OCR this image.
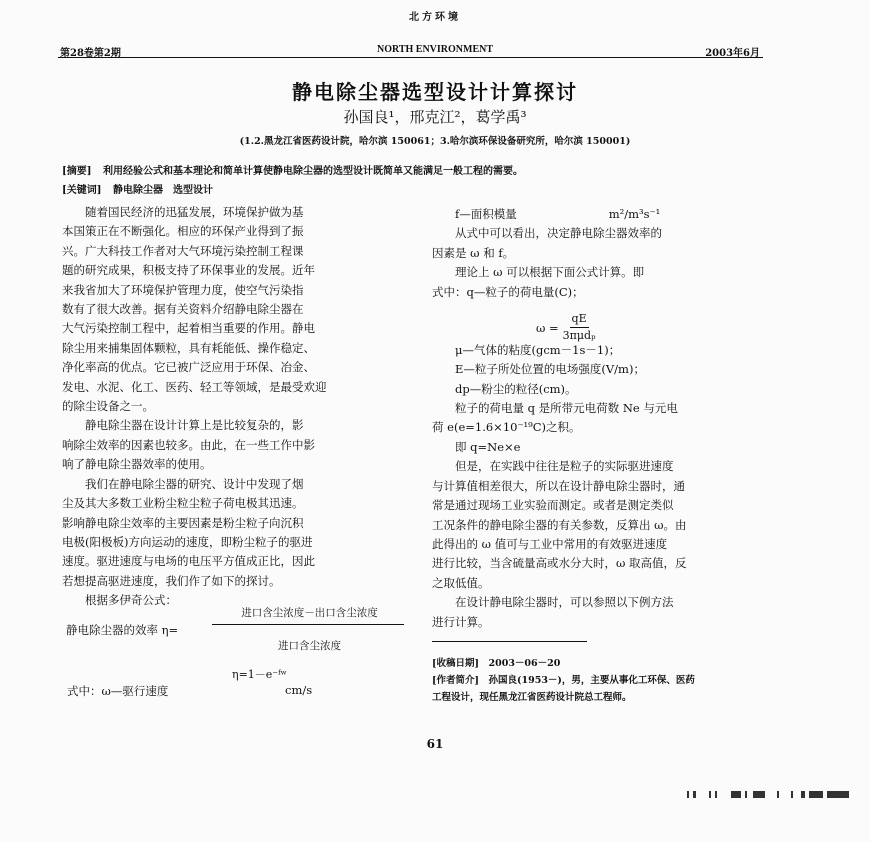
北方环境
第28卷第2期	NORTH ENVIRONMENT	2003年6月
静电除尘器选型设计计算探讨
孙国良¹，邢克江²，葛学禹³
(1.2.黑龙江省医药设计院，哈尔滨 150061；3.哈尔滨环保设备研究所，哈尔滨 150001)
[摘要] 利用经验公式和基本理论和简单计算使静电除尘器的选型设计既简单又能满足一般工程的需要。
[关键词] 静电除尘器　选型设计

随着国民经济的迅猛发展，环境保护做为基

本国策正在不断强化。相应的环保产业得到了振

兴。广大科技工作者对大气环境污染控制工程课

题的研究成果，积极支持了环保事业的发展。近年

来我省加大了环境保护管理力度，使空气污染指

数有了很大改善。据有关资料介绍静电除尘器在

大气污染控制工程中，起着相当重要的作用。静电

除尘用来捕集固体颗粒，具有耗能低、操作稳定、

净化率高的优点。它已被广泛应用于环保、冶金、

发电、水泥、化工、医药、轻工等领域，是最受欢迎

的除尘设备之一。

静电除尘器在设计计算上是比较复杂的，影

响除尘效率的因素也较多。由此，在一些工作中影

响了静电除尘器效率的使用。

我们在静电除尘器的研究、设计中发现了烟

尘及其大多数工业粉尘粒尘粒子荷电极其迅速。

影响静电除尘效率的主要因素是粉尘粒子向沉积

电极(阳极板)方向运动的速度，即粉尘粒子的驱进

速度。驱进速度与电场的电压平方值成正比，因此

若想提高驱进速度，我们作了如下的探讨。

根据多伊奇公式：

静电除尘器的效率 η=
进口含尘浓度－出口含尘浓度
进口含尘浓度
η=1－e⁻ᶠʷ
式中：ω—驱行速度	cm/s

f—面积模量　　　　　　　　m²/m³s⁻¹

从式中可以看出，决定静电除尘器效率的

因素是 ω 和 f。

理论上 ω 可以根据下面公式计算。即

式中：q—粒子的荷电量(C)；

μ—气体的粘度(gcm－1s－1)；

E—粒子所处位置的电场强度(V/m)；

dp—粉尘的粒径(cm)。

粒子的荷电量 q 是所带元电荷数 Ne 与元电

荷 e(e=1.6×10⁻¹⁹C)之积。

即 q=Ne×e

但是，在实践中往往是粒子的实际驱进速度

与计算值相差很大，所以在设计静电除尘器时，通

常是通过现场工业实验而测定。或者是测定类似

工况条件的静电除尘器的有关参数，反算出 ω。由

此得出的 ω 值可与工业中常用的有效驱进速度

进行比较，当含硫量高或水分大时，ω 取高值，反

之取低值。

在设计静电除尘器时，可以参照以下例方法

进行计算。

$\omega = \frac{qE}{\text{3πμdₚ}}$
[收稿日期]　2003－06－20
[作者简介]　孙国良(1953－)，男，主要从事化工环保、医药
工程设计，现任黑龙江省医药设计院总工程师。
61
